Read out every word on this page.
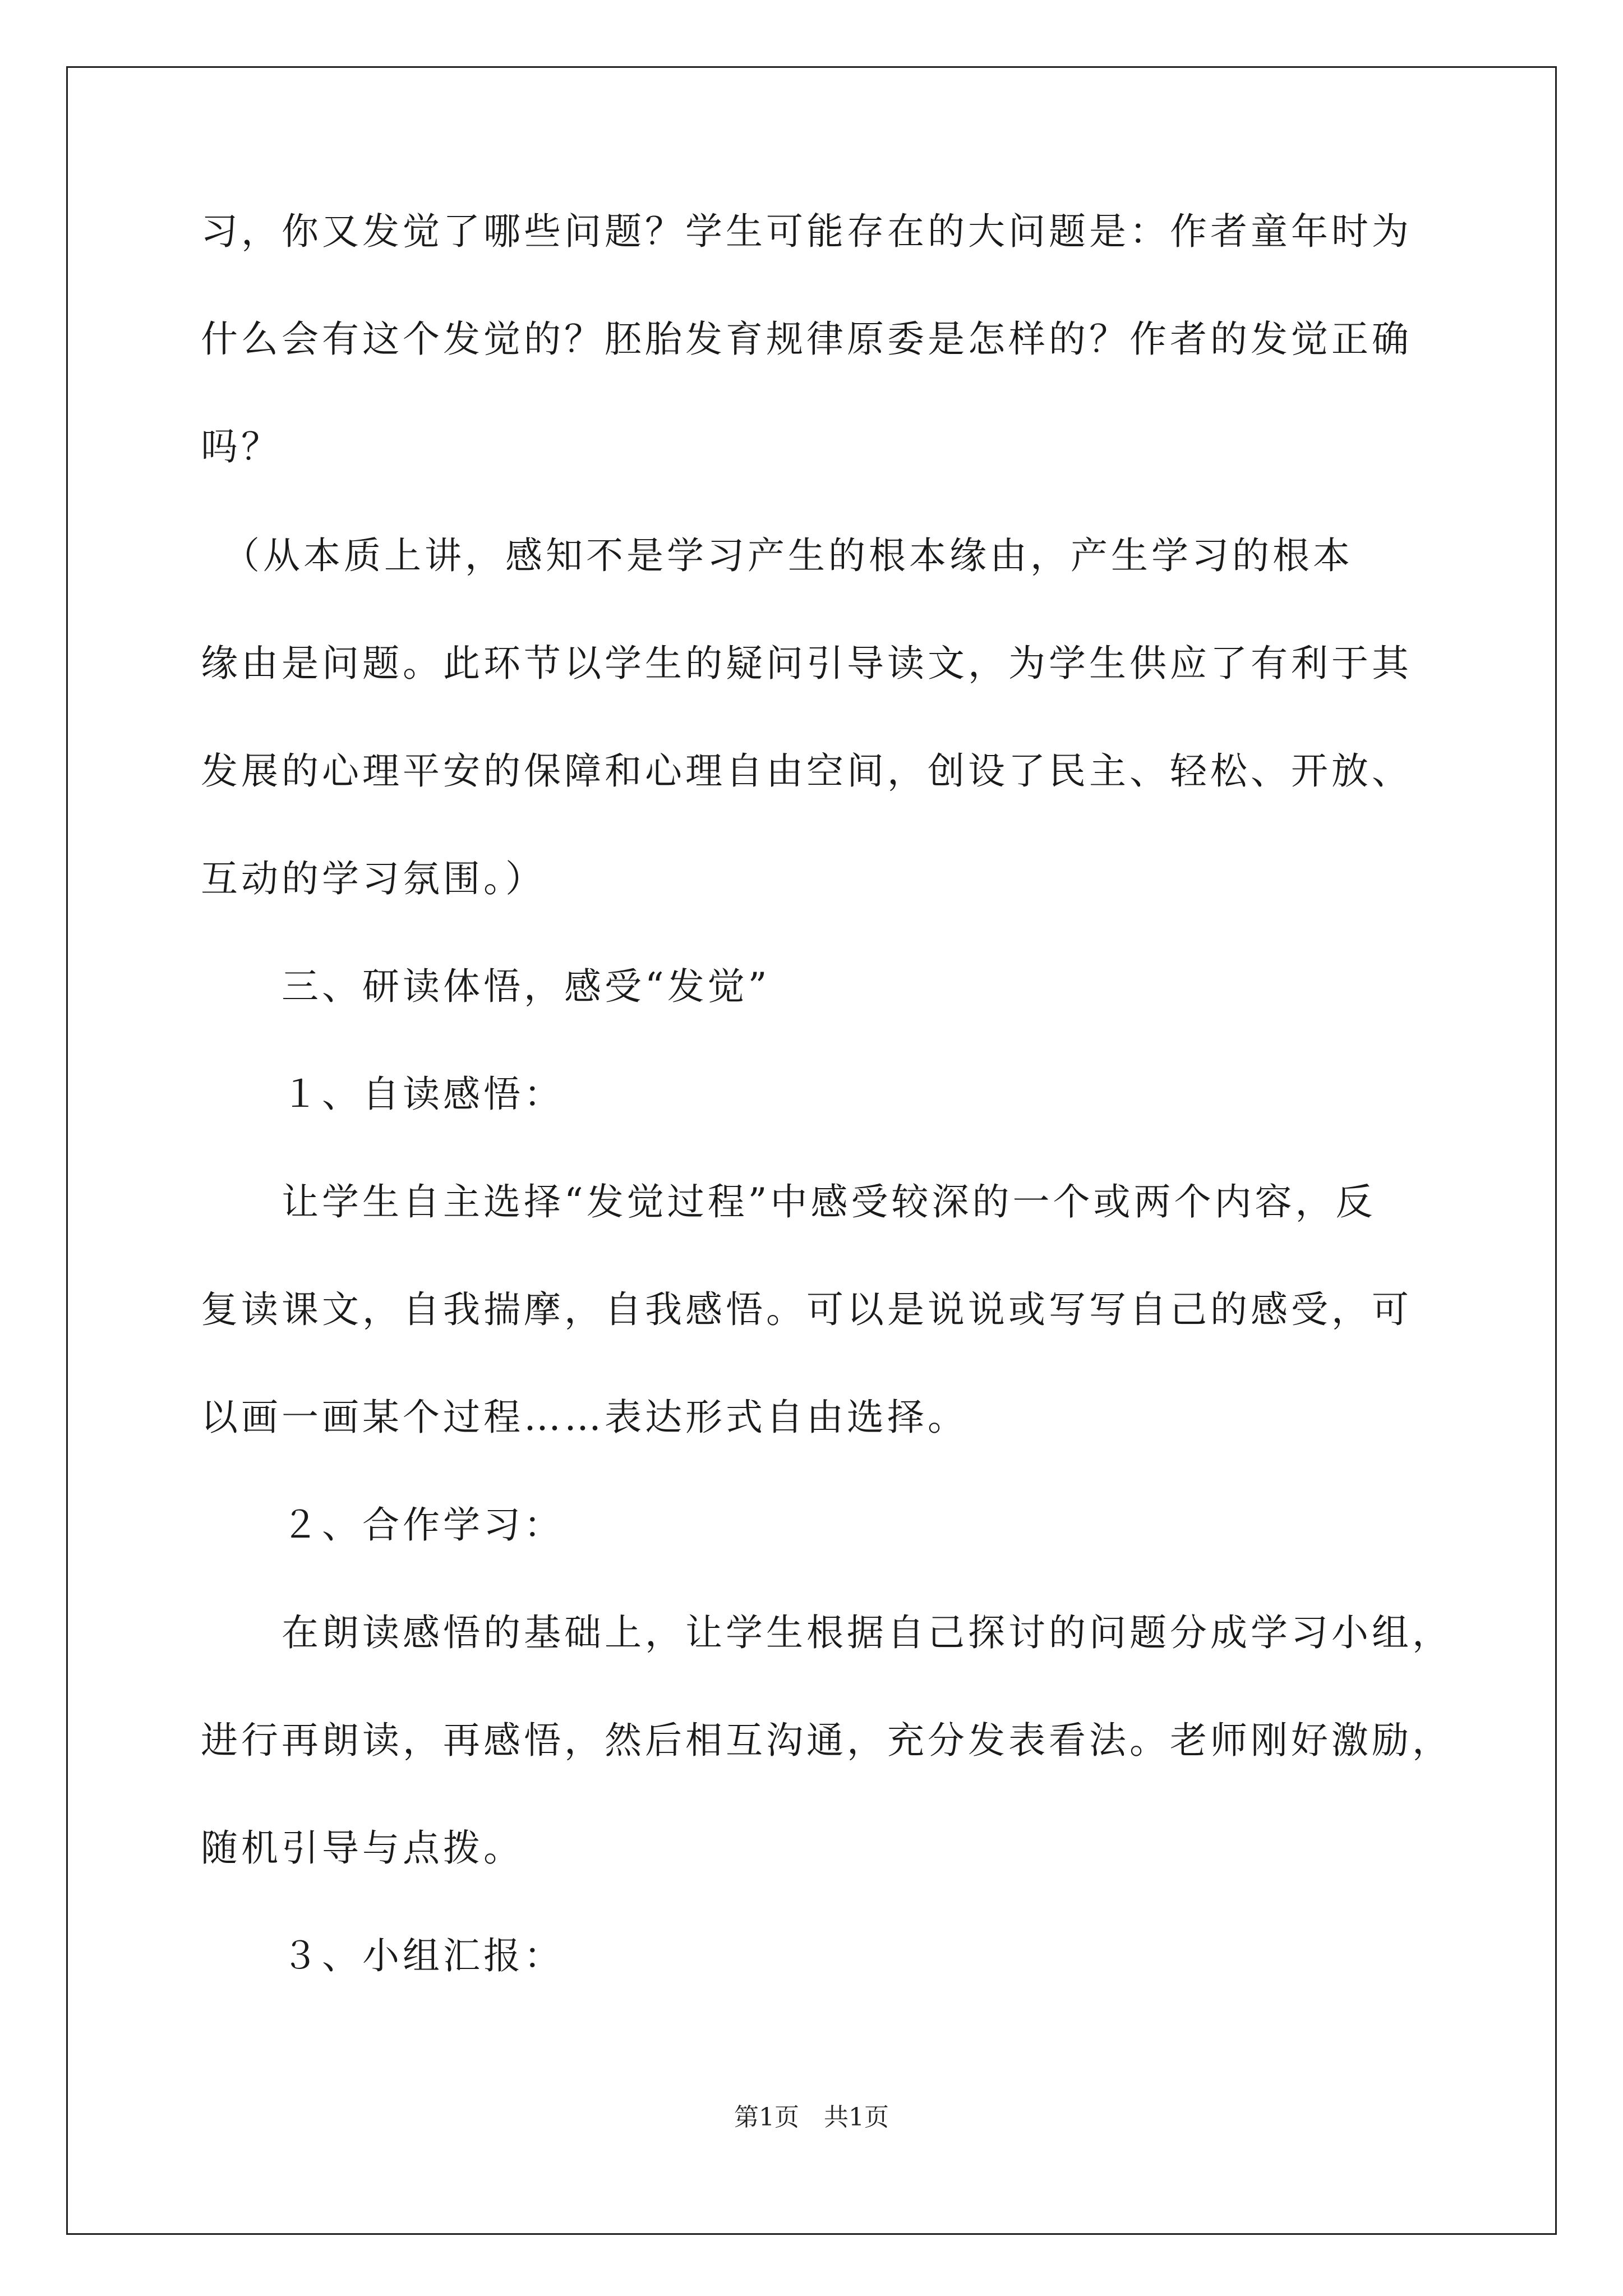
习，你又发觉了哪些问题？学生可能存在的大问题是：作者童年时为
什么会有这个发觉的？胚胎发育规律原委是怎样的？作者的发觉正确
吗？
　（从本质上讲，感知不是学习产生的根本缘由，产生学习的根本
缘由是问题。此环节以学生的疑问引导读文，为学生供应了有利于其
发展的心理平安的保障和心理自由空间，创设了民主、轻松、开放、
互动的学习氛围。）
　　三、研读体悟，感受“发觉”
　　１、自读感悟：
　　让学生自主选择“发觉过程”中感受较深的一个或两个内容，反
复读课文，自我揣摩，自我感悟。可以是说说或写写自己的感受，可
以画一画某个过程……表达形式自由选择。
　　２、合作学习：
　　在朗读感悟的基础上，让学生根据自己探讨的问题分成学习小组，
进行再朗读，再感悟，然后相互沟通，充分发表看法。老师刚好激励，
随机引导与点拨。
　　３、小组汇报：
第1页　共1页
